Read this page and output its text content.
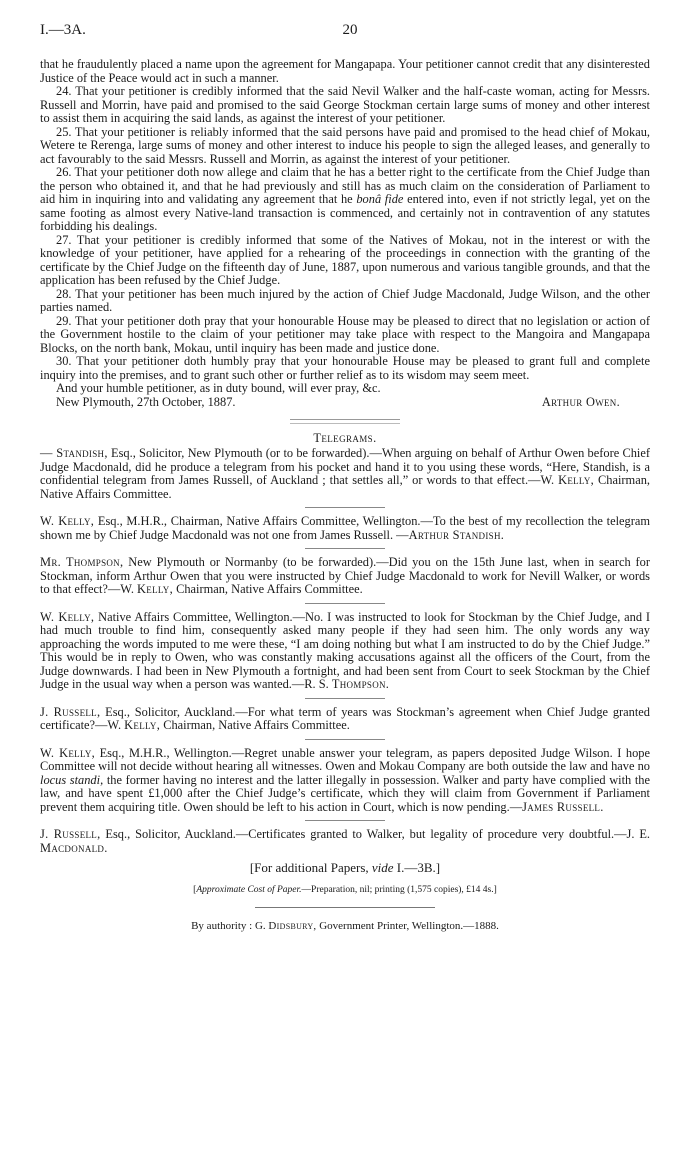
I.—3A.	20

that he fraudulently placed a name upon the agreement for Mangapapa. Your petitioner cannot credit that any disinterested Justice of the Peace would act in such a manner.

24. That your petitioner is credibly informed that the said Nevil Walker and the half-caste woman, acting for Messrs. Russell and Morrin, have paid and promised to the said George Stockman certain large sums of money and other interest to assist them in acquiring the said lands, as against the interest of your petitioner.

25. That your petitioner is reliably informed that the said persons have paid and promised to the head chief of Mokau, Wetere te Rerenga, large sums of money and other interest to induce his people to sign the alleged leases, and generally to act favourably to the said Messrs. Russell and Morrin, as against the interest of your petitioner.

26. That your petitioner doth now allege and claim that he has a better right to the certificate from the Chief Judge than the person who obtained it, and that he had previously and still has as much claim on the consideration of Parliament to aid him in inquiring into and validating any agreement that he bonâ fide entered into, even if not strictly legal, yet on the same footing as almost every Native-land transaction is commenced, and certainly not in contravention of any statutes forbidding his dealings.

27. That your petitioner is credibly informed that some of the Natives of Mokau, not in the interest or with the knowledge of your petitioner, have applied for a rehearing of the proceedings in connection with the granting of the certificate by the Chief Judge on the fifteenth day of June, 1887, upon numerous and various tangible grounds, and that the application has been refused by the Chief Judge.

28. That your petitioner has been much injured by the action of Chief Judge Macdonald, Judge Wilson, and the other parties named.

29. That your petitioner doth pray that your honourable House may be pleased to direct that no legislation or action of the Government hostile to the claim of your petitioner may take place with respect to the Mangoira and Mangapapa Blocks, on the north bank, Mokau, until inquiry has been made and justice done.

30. That your petitioner doth humbly pray that your honourable House may be pleased to grant full and complete inquiry into the premises, and to grant such other or further relief as to its wisdom may seem meet.

And your humble petitioner, as in duty bound, will ever pray, &c.

New Plymouth, 27th October, 1887.	Arthur Owen.
Telegrams.

— Standish, Esq., Solicitor, New Plymouth (or to be forwarded).—When arguing on behalf of Arthur Owen before Chief Judge Macdonald, did he produce a telegram from his pocket and hand it to you using these words, “Here, Standish, is a confidential telegram from James Russell, of Auckland ; that settles all,” or words to that effect.—W. Kelly, Chairman, Native Affairs Committee.

W. Kelly, Esq., M.H.R., Chairman, Native Affairs Committee, Wellington.—To the best of my recollection the telegram shown me by Chief Judge Macdonald was not one from James Russell. —Arthur Standish.

Mr. Thompson, New Plymouth or Normanby (to be forwarded).—Did you on the 15th June last, when in search for Stockman, inform Arthur Owen that you were instructed by Chief Judge Macdonald to work for Nevill Walker, or words to that effect?—W. Kelly, Chairman, Native Affairs Committee.

W. Kelly, Native Affairs Committee, Wellington.—No. I was instructed to look for Stockman by the Chief Judge, and I had much trouble to find him, consequently asked many people if they had seen him. The only words any way approaching the words imputed to me were these, “I am doing nothing but what I am instructed to do by the Chief Judge.” This would be in reply to Owen, who was constantly making accusations against all the officers of the Court, from the Judge downwards. I had been in New Plymouth a fortnight, and had been sent from Court to seek Stockman by the Chief Judge in the usual way when a person was wanted.—R. S. Thompson.

J. Russell, Esq., Solicitor, Auckland.—For what term of years was Stockman’s agreement when Chief Judge granted certificate?—W. Kelly, Chairman, Native Affairs Committee.

W. Kelly, Esq., M.H.R., Wellington.—Regret unable answer your telegram, as papers deposited Judge Wilson. I hope Committee will not decide without hearing all witnesses. Owen and Mokau Company are both outside the law and have no locus standi, the former having no interest and the latter illegally in possession. Walker and party have complied with the law, and have spent £1,000 after the Chief Judge’s certificate, which they will claim from Government if Parliament prevent them acquiring title. Owen should be left to his action in Court, which is now pending.—James Russell.

J. Russell, Esq., Solicitor, Auckland.—Certificates granted to Walker, but legality of procedure very doubtful.—J. E. Macdonald.

[For additional Papers, vide I.—3B.]
[Approximate Cost of Paper.—Preparation, nil; printing (1,575 copies), £14 4s.]
By authority : G. Didsbury, Government Printer, Wellington.—1888.
